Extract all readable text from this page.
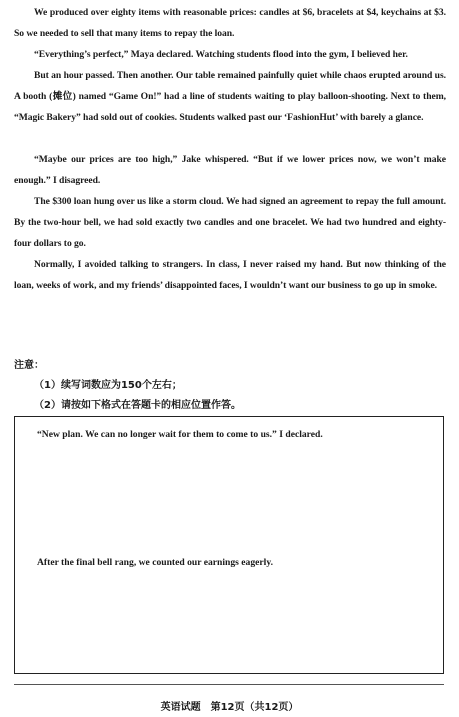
We produced over eighty items with reasonable prices: candles at $6, bracelets at $4, keychains at $3. So we needed to sell that many items to repay the loan.

“Everything’s perfect,” Maya declared. Watching students flood into the gym, I believed her.

But an hour passed. Then another. Our table remained painfully quiet while chaos erupted around us. A booth (摊位) named “Game On!” had a line of students waiting to play balloon-shooting. Next to them, “Magic Bakery” had sold out of cookies. Students walked past our ‘FashionHut’ with barely a glance.

“Maybe our prices are too high,” Jake whispered. “But if we lower prices now, we won’t make enough.” I disagreed.

The $300 loan hung over us like a storm cloud. We had signed an agreement to repay the full amount. By the two-hour bell, we had sold exactly two candles and one bracelet. We had two hundred and eighty-four dollars to go.

Normally, I avoided talking to strangers. In class, I never raised my hand. But now thinking of the loan, weeks of work, and my friends’ disappointed faces, I wouldn’t want our business to go up in smoke.

注意：
（1）续写词数应为150个左右；
（2）请按如下格式在答题卡的相应位置作答。
“New plan. We can no longer wait for them to come to us.” I declared.
After the final bell rang, we counted our earnings eagerly.
英语试题　第12页（共12页）
